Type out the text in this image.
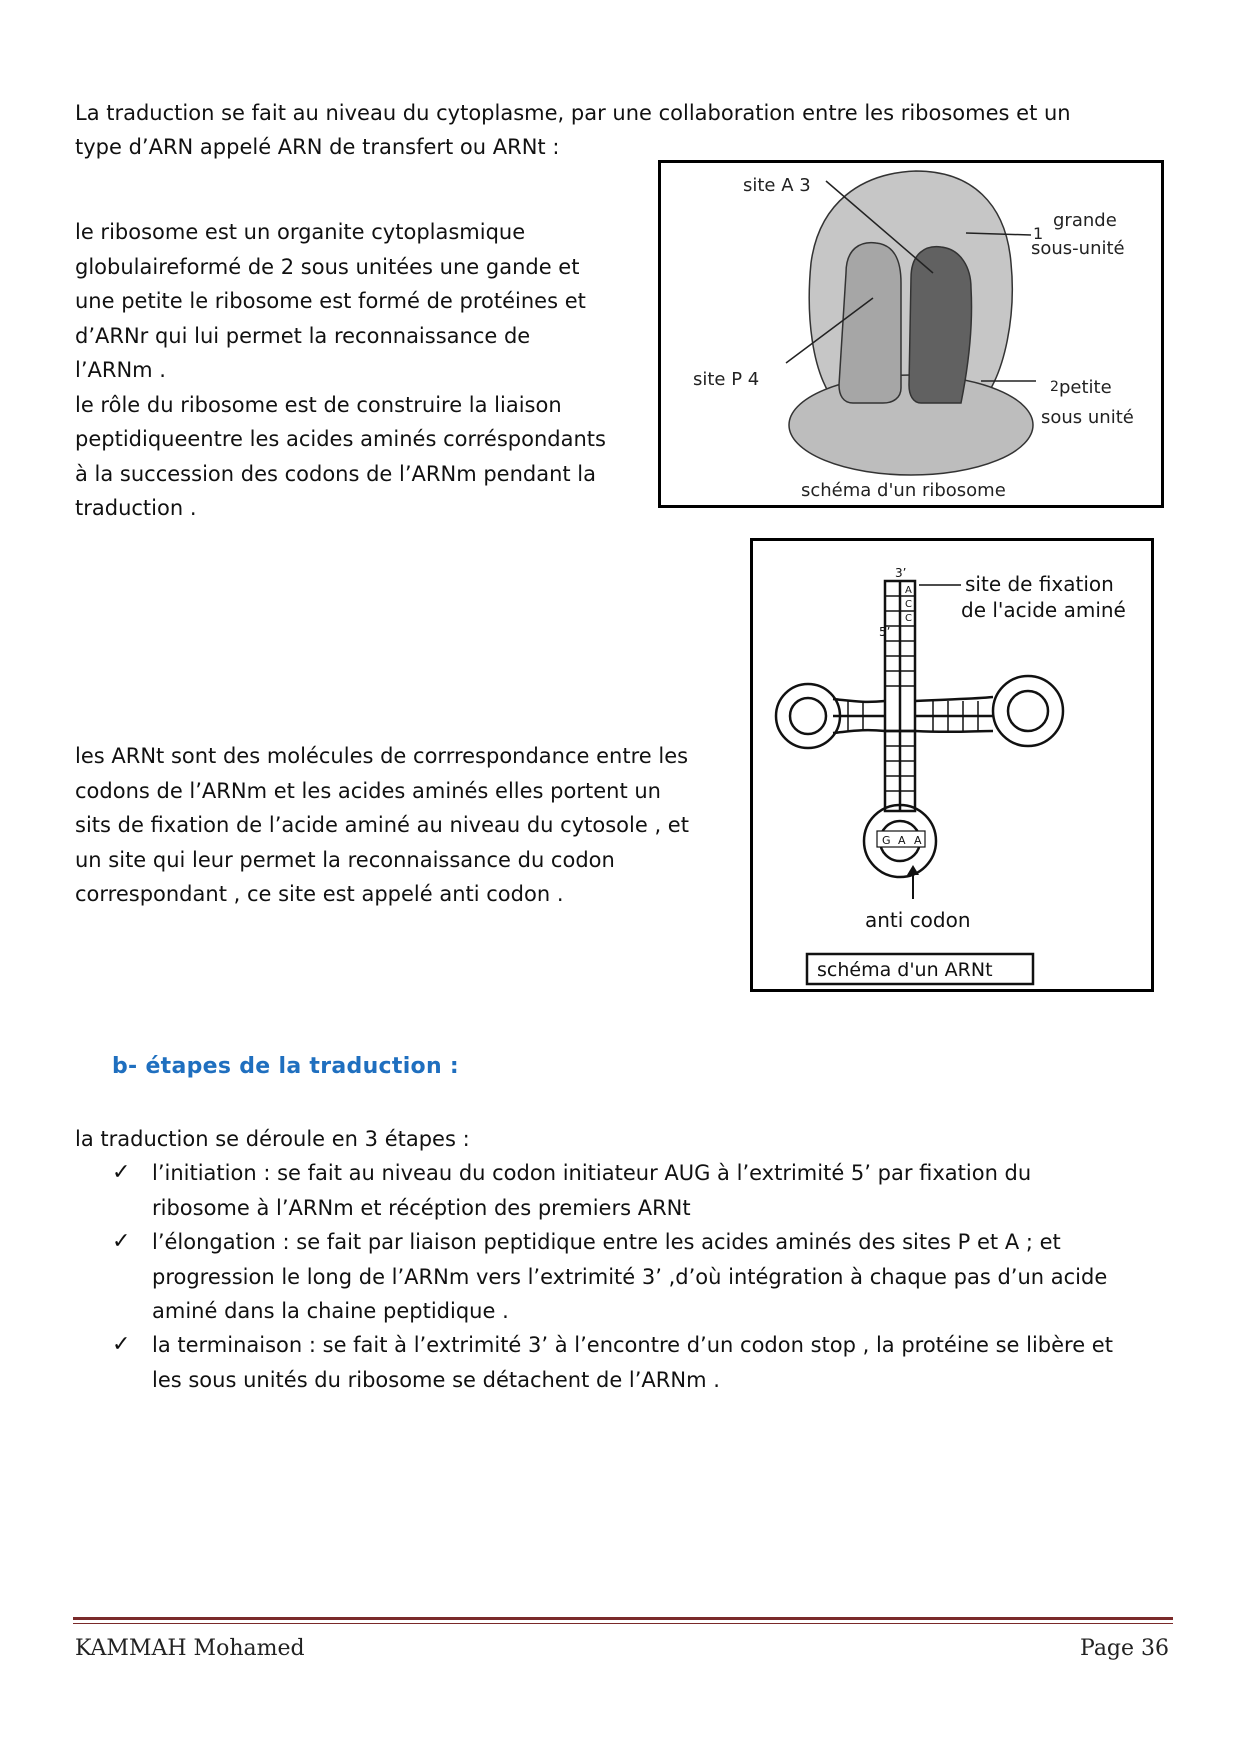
La traduction se fait au niveau du cytoplasme, par une collaboration entre les ribosomes et un
type d’ARN appelé ARN de transfert ou ARNt :
le ribosome est un organite cytoplasmique
globulaireformé de 2 sous unitées une gande et
une petite le ribosome est formé de protéines et
d’ARNr qui lui permet la reconnaissance de
l’ARNm .
le rôle du ribosome est de construire la liaison
peptidiqueentre les acides aminés corréspondants
à la succession des codons de l’ARNm pendant la
traduction .
site A 3
1
grande
sous-unité
site P 4	2 petite
sous unité
schéma d'un ribosome
les ARNt sont des molécules de corrrespondance entre les
codons de l’ARNm et les acides aminés elles portent un
sits de fixation de l’acide aminé au niveau du cytosole , et
un site qui leur permet la reconnaissance du codon
correspondant , ce site est appelé anti codon .
A
C
C
G A A
3’
5’
site de fixation
de l'acide aminé
anti codon
schéma d'un ARNt
b- étapes de la traduction :
la traduction se déroule en 3 étapes :
✓ l’initiation : se fait au niveau du codon initiateur AUG à l’extrimité 5’ par fixation du
ribosome à l’ARNm et récéption des premiers ARNt
✓ l’élongation : se fait par liaison peptidique entre les acides aminés des sites P et A ; et
progression le long de l’ARNm vers l’extrimité 3’ ,d’où intégration à chaque pas d’un acide
aminé dans la chaine peptidique .
✓ la terminaison : se fait à l’extrimité 3’ à l’encontre d’un codon stop , la protéine se libère et
les sous unités du ribosome se détachent de l’ARNm .
KAMMAH Mohamed	Page 36
